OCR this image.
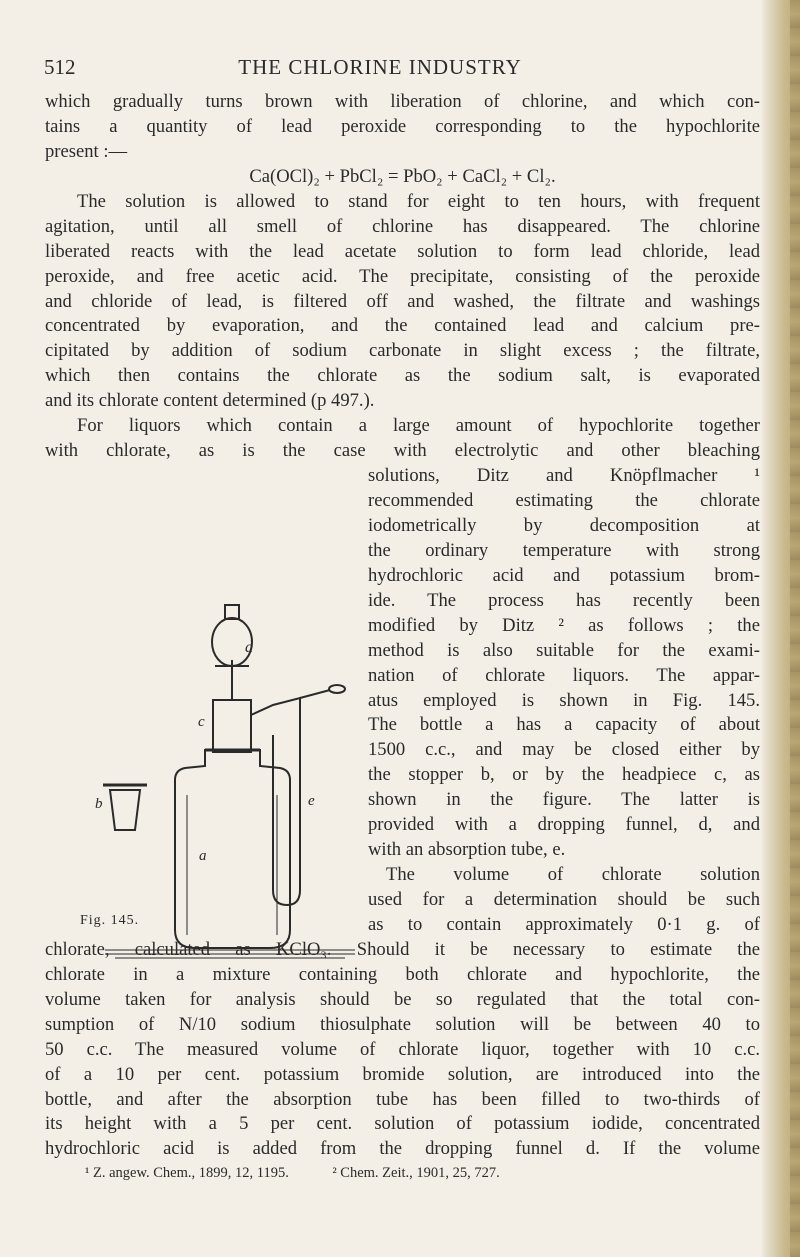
512	THE CHLORINE INDUSTRY
which gradually turns brown with liberation of chlorine, and which con-
tains a quantity of lead peroxide corresponding to the hypochlorite
present :—
Ca(OCl)₂ + PbCl₂ = PbO₂ + CaCl₂ + Cl₂.
The solution is allowed to stand for eight to ten hours, with frequent
agitation, until all smell of chlorine has disappeared. The chlorine
liberated reacts with the lead acetate solution to form lead chloride, lead
peroxide, and free acetic acid. The precipitate, consisting of the peroxide
and chloride of lead, is filtered off and washed, the filtrate and washings
concentrated by evaporation, and the contained lead and calcium pre-
cipitated by addition of sodium carbonate in slight excess ; the filtrate,
which then contains the chlorate as the sodium salt, is evaporated
and its chlorate content determined (p 497.).
For liquors which contain a large amount of hypochlorite together
with chlorate, as is the case with electrolytic and other bleaching
solutions, Ditz and Knöpflmacher ¹
recommended estimating the chlorate
iodometrically by decomposition at
the ordinary temperature with strong
hydrochloric acid and potassium brom-
ide. The process has recently been
modified by Ditz ² as follows ; the
method is also suitable for the exami-
nation of chlorate liquors. The appar-
atus employed is shown in Fig. 145.
The bottle a has a capacity of about
1500 c.c., and may be closed either by
the stopper b, or by the headpiece c, as
shown in the figure. The latter is
provided with a dropping funnel, d, and
with an absorption tube, e.
The volume of chlorate solution
used for a determination should be such
as to contain approximately 0·1 g. of
chlorate, calculated as KClO₃. Should it be necessary to estimate the
chlorate in a mixture containing both chlorate and hypochlorite, the
volume taken for analysis should be so regulated that the total con-
sumption of N/10 sodium thiosulphate solution will be between 40 to
50 c.c. The measured volume of chlorate liquor, together with 10 c.c.
of a 10 per cent. potassium bromide solution, are introduced into the
bottle, and after the absorption tube has been filled to two-thirds of
its height with a 5 per cent. solution of potassium iodide, concentrated
hydrochloric acid is added from the dropping funnel d. If the volume
¹ Z. angew. Chem., 1899, 12, 1195.            ² Chem. Zeit., 1901, 25, 727.
d
c
b	e
a
Fig. 145.
